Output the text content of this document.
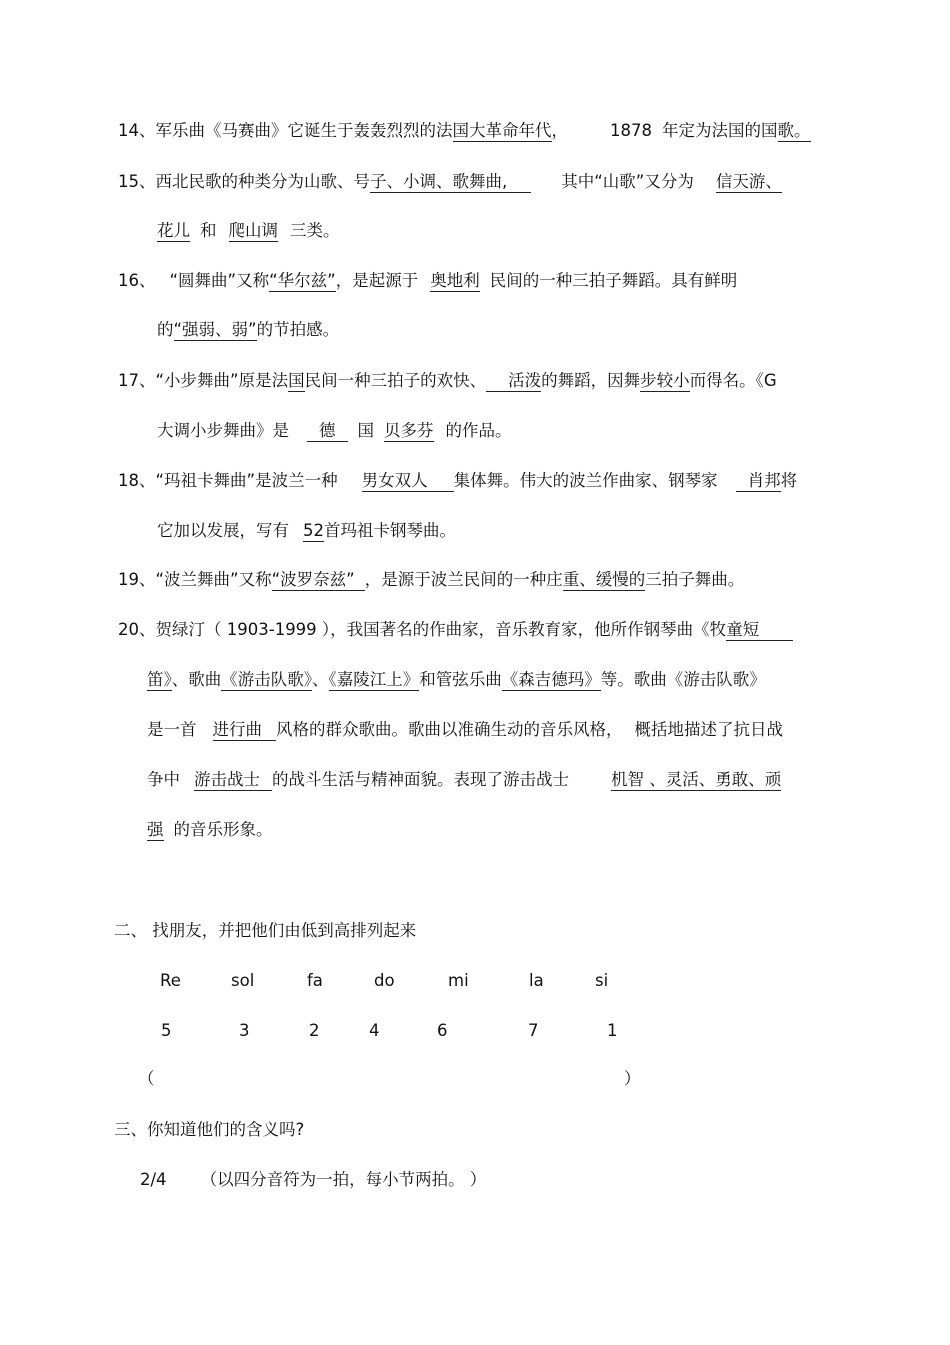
14、军乐曲《马赛曲》它诞生于轰轰烈烈的法国大革命年代，	1878 年定为法国的国歌。
15、西北民歌的种类分为山歌、号子、小调、歌舞曲,	其中“山歌”又分为 信天游、
花儿 和 爬山调 三类。
16、 “圆舞曲”又称“华尔兹”，是起源于 奥地利 民间的一种三拍子舞蹈。具有鲜明
的“强弱、弱”的节拍感。
17、“小步舞曲”原是法国民间一种三拍子的欢快、 活泼的舞蹈，因舞步较小而得名。《G
大调小步舞曲》是 德 国 贝多芬 的作品。
18、“玛祖卡舞曲”是波兰一种 男女双人 集体舞。伟大的波兰作曲家、钢琴家 肖邦将
它加以发展，写有 52首玛祖卡钢琴曲。
19、“波兰舞曲”又称“波罗奈兹” ，是源于波兰民间的一种庄重、缓慢的三拍子舞曲。
20、贺绿汀（ 1903-1999 ），我国著名的作曲家，音乐教育家，他所作钢琴曲《牧童短
笛》、歌曲《游击队歌》、《嘉陵江上》和管弦乐曲《森吉德玛》等。歌曲《游击队歌》
是一首 进行曲 风格的群众歌曲。歌曲以准确生动的音乐风格， 概括地描述了抗日战
争中 游击战士 的战斗生活与精神面貌。表现了游击战士	机智 、灵活、勇敢、顽
强 的音乐形象。
二、 找朋友，并把他们由低到高排列起来
Re	sol	fa	do	mi	la	si
5	3	2	4	6	7	1
（	）
三、你知道他们的含义吗?
2/4 （以四分音符为一拍，每小节两拍。 ）
